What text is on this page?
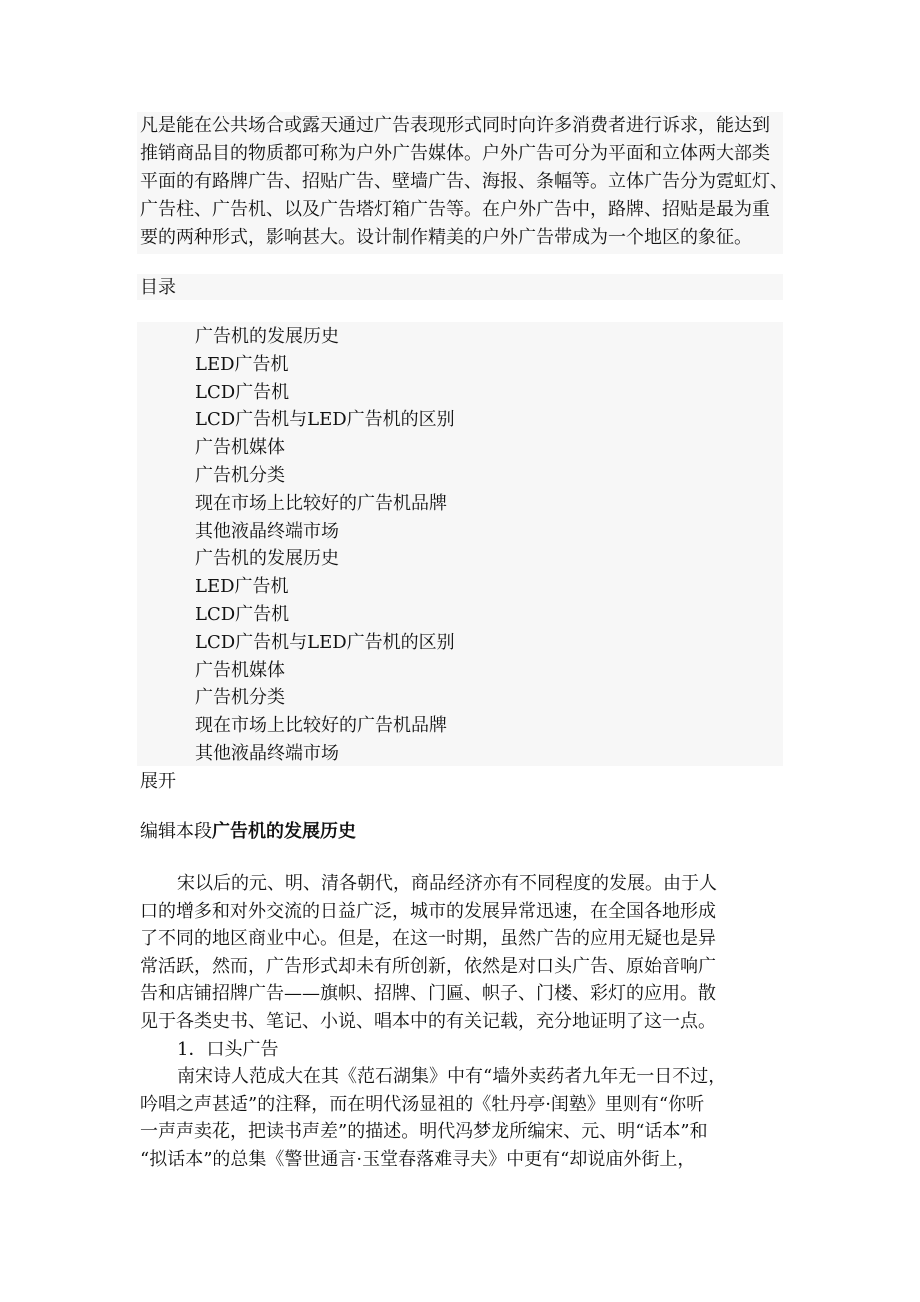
凡是能在公共场合或露天通过广告表现形式同时向许多消费者进行诉求，能达到

推销商品目的物质都可称为户外广告媒体。户外广告可分为平面和立体两大部类

平面的有路牌广告、招贴广告、壁墙广告、海报、条幅等。立体广告分为霓虹灯、

广告柱、广告机、以及广告塔灯箱广告等。在户外广告中，路牌、招贴是最为重

要的两种形式，影响甚大。设计制作精美的户外广告带成为一个地区的象征。

目录
广告机的发展历史
LED广告机
LCD广告机
LCD广告机与LED广告机的区别
广告机媒体
广告机分类
现在市场上比较好的广告机品牌
其他液晶终端市场
广告机的发展历史
LED广告机
LCD广告机
LCD广告机与LED广告机的区别
广告机媒体
广告机分类
现在市场上比较好的广告机品牌
其他液晶终端市场
展开
编辑本段广告机的发展历史

宋以后的元、明、清各朝代，商品经济亦有不同程度的发展。由于人

口的增多和对外交流的日益广泛，城市的发展异常迅速，在全国各地形成

了不同的地区商业中心。但是，在这一时期，虽然广告的应用无疑也是异

常活跃，然而，广告形式却未有所创新，依然是对口头广告、原始音响广

告和店铺招牌广告——旗帜、招牌、门匾、帜子、门楼、彩灯的应用。散

见于各类史书、笔记、小说、唱本中的有关记载，充分地证明了这一点。

1．口头广告

南宋诗人范成大在其《范石湖集》中有“墙外卖药者九年无一日不过，

吟唱之声甚适”的注释，而在明代汤显祖的《牡丹亭·闺塾》里则有“你听

一声声卖花，把读书声差”的描述。明代冯梦龙所编宋、元、明“话本”和

“拟话本”的总集《警世通言·玉堂春落难寻夫》中更有“却说庙外街上，
